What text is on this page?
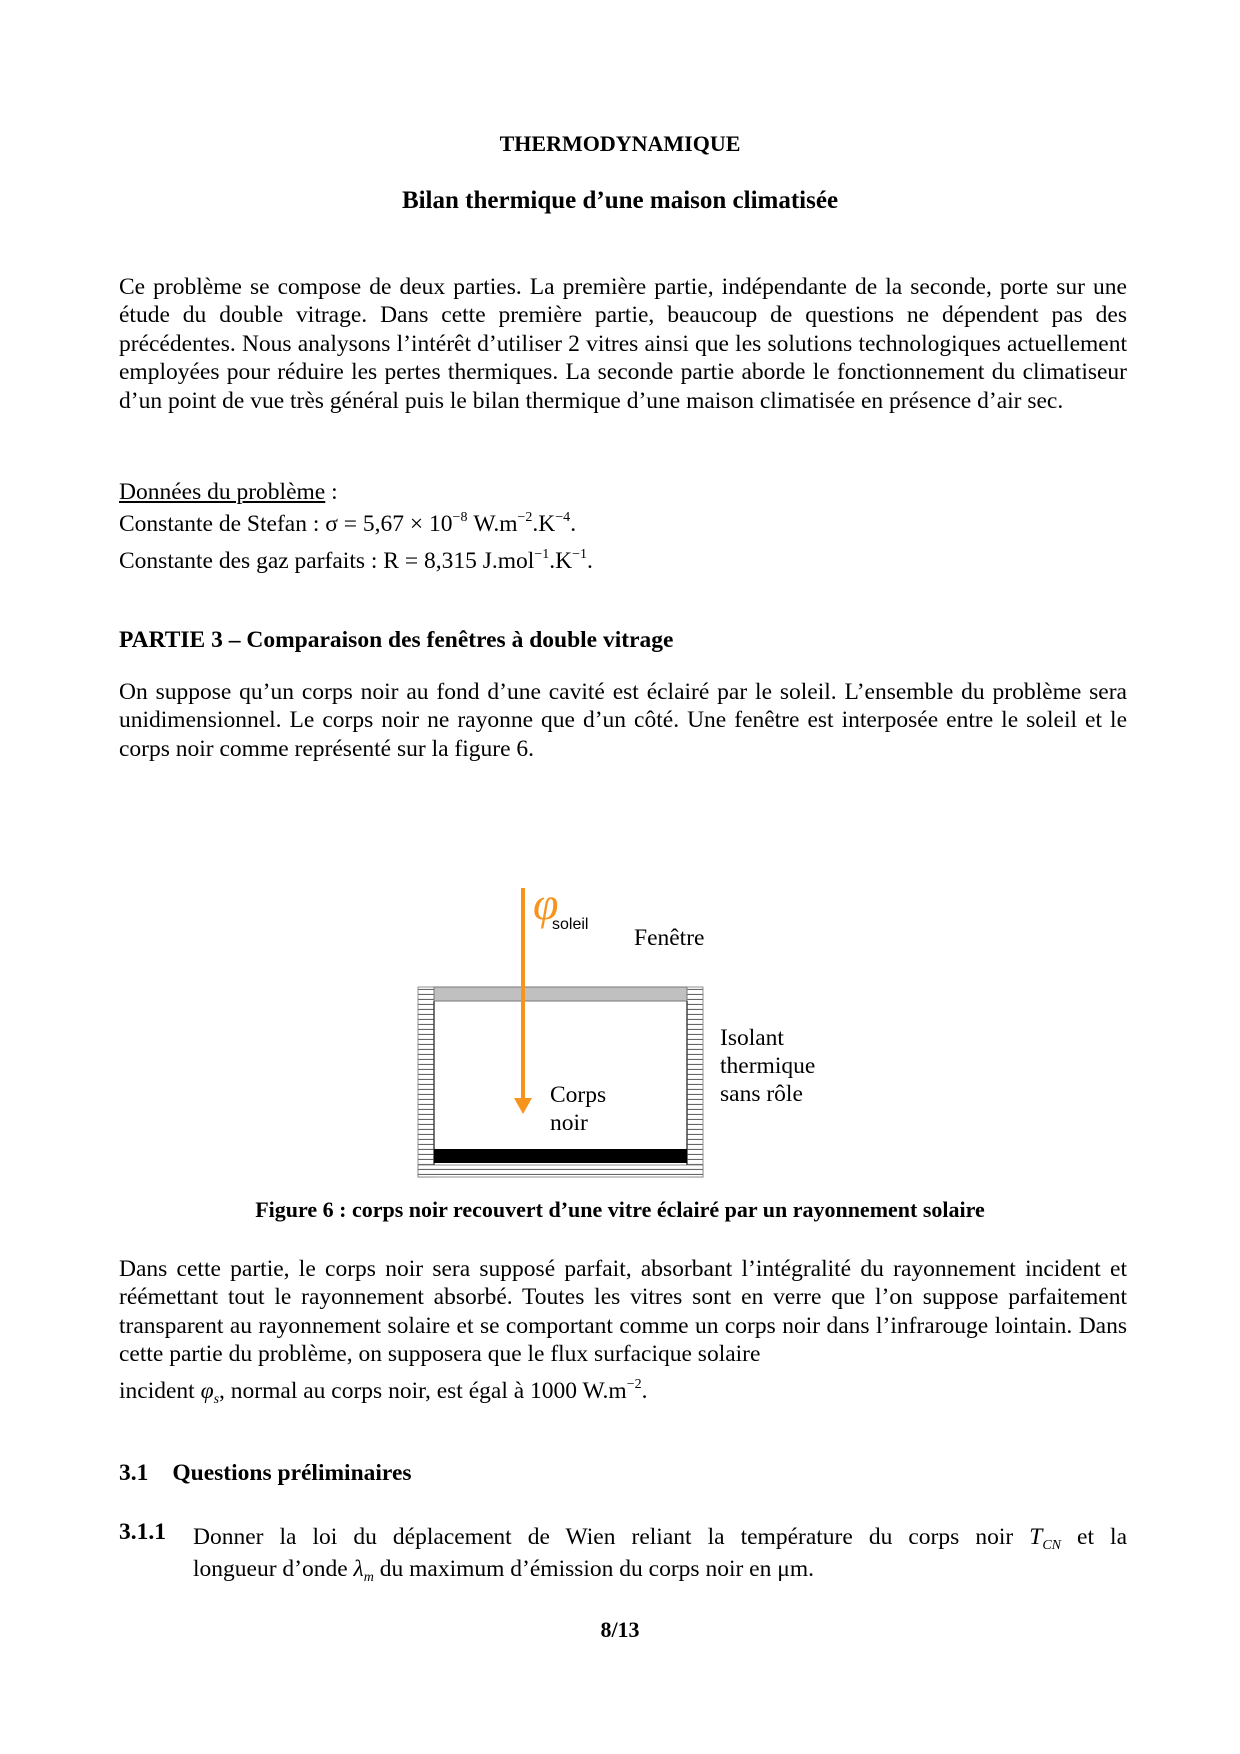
THERMODYNAMIQUE
Bilan thermique d’une maison climatisée
Ce problème se compose de deux parties. La première partie, indépendante de la seconde, porte sur une étude du double vitrage. Dans cette première partie, beaucoup de questions ne dépendent pas des précédentes. Nous analysons l’intérêt d’utiliser 2 vitres ainsi que les solutions technologiques actuellement employées pour réduire les pertes thermiques. La seconde partie aborde le fonctionnement du climatiseur d’un point de vue très général puis le bilan thermique d’une maison climatisée en présence d’air sec.
Données du problème :
Constante de Stefan : $\sigma = 5,67 \times 10^{-8}$ $W.m^{-2}.K^{-4}$.
Constante des gaz parfaits : R = 8,315 $J.mol^{-1}.K^{-1}$.
PARTIE 3 – Comparaison des fenêtres à double vitrage
On suppose qu’un corps noir au fond d’une cavité est éclairé par le soleil. L’ensemble du problème sera unidimensionnel. Le corps noir ne rayonne que d’un côté. Une fenêtre est interposée entre le soleil et le corps noir comme représenté sur la figure 6.
φ
soleil
Fenêtre
Isolant
thermique
sans rôle
Corps
noir
Figure 6 : corps noir recouvert d’une vitre éclairé par un rayonnement solaire
Dans cette partie, le corps noir sera supposé parfait, absorbant l’intégralité du rayonnement incident et réémettant tout le rayonnement absorbé. Toutes les vitres sont en verre que l’on suppose parfaitement transparent au rayonnement solaire et se comportant comme un corps noir dans l’infrarouge lointain. Dans cette partie du problème, on supposera que le flux surfacique solaire
incident $\varphi_s$, normal au corps noir, est égal à 1000 $W.m^{-2}$.
3.1 Questions préliminaires
3.1.1 Donner la loi du déplacement de Wien reliant la température du corps noir $T_{CN}$ et la
longueur d’onde $\lambda_m$ du maximum d’émission du corps noir en μm.
8/13
